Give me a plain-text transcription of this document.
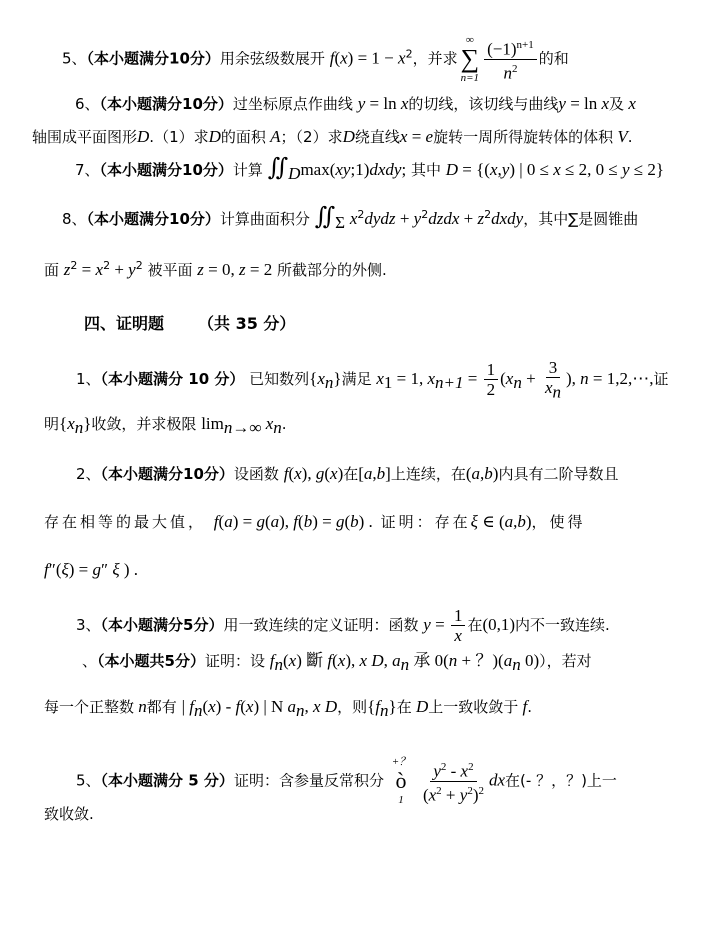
5、（本小题满分10分）用余弦级数展开 $f(x) = 1 - x^2$，并求
∞
∑
$n=1 \frac{(-1)^{n+1}}{n^2}$ 的和
6、（本小题满分10分）过坐标原点作曲线 y = ln x的切线，该切线与曲线y = ln x及 x
轴围成平面图形D.（1）求D的面积 A；（2）求D绕直线x = e旋转一周所得旋转体的体积 V.
7、（本小题满分10分）计算 $∬_D\max(xy;1)dxdy$; 其中 D = {(x,y) | 0 ≤ x ≤ 2, 0 ≤ y ≤ 2}
8、（本小题满分10分）计算曲面积分 $∬_\Sigma$ $x^2dydz$ + $y^2dzdx$ + $z^2dxdy$，其中∑是圆锥曲
面 $z^2 = x^2 + y^2$ 被平面 z = 0, z = 2 所截部分的外侧.
四、证明题 （共 35 分）
1、（本小题满分 10 分） 已知数列$\{x_n\}$满足 $x_1 = 1$, $x_{n+1} = \frac{1}{2} (x_n + \frac{3}{x_n}$ ), n = 1,2,⋯,证
明$\{x_n\}$收敛，并求极限 $\lim_{n\to\infty} x_n$.
2、（本小题满分10分）设函数 f(x), g(x)在[a,b]上连续，在(a,b)内具有二阶导数且
存在相等的最大值， f(a) = g(a), f(b) = g(b) . 证明：存在ξ ∈ (a,b)，使得
f″(ξ) = g″ ξ ) .
3、（本小题满分5分）用一致连续的定义证明：函数 $y = \frac{1}{x}$ 在(0,1)内不一致连续.
、（本小题共5分）证明：设 $f_n(x)$ 斷 f(x), x D, $a_n$ 承 0(n + ？)($a_n$ 0)），若对
每一个正整数 n都有 | $f_n(x) - f(x)$ | N $a_n$, x D，则$\{f_n\}$在 D上一致收敛于 f.
5、（本小题满分 5 分）证明：含参量反常积分
+？
ò
1
$\frac{y^2 - x^2}{(x^2 + y^2)^2}$ dx在(- ？，？)上一
致收敛.
